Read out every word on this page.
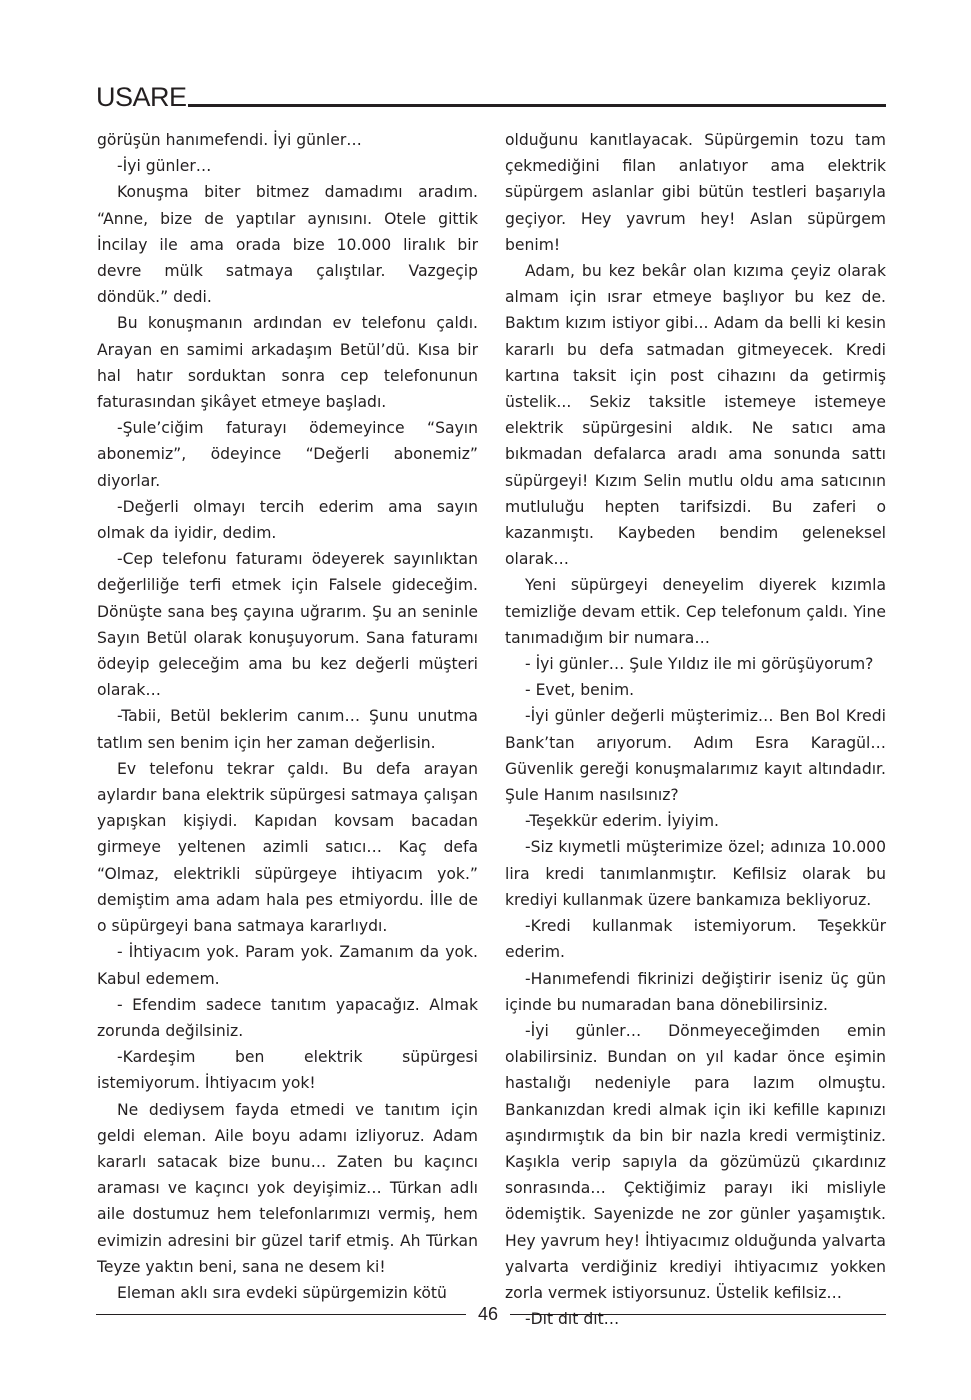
USARE

görüşün hanımefendi. İyi günler…

-İyi günler…

Konuşma biter bitmez damadımı aradım. “Anne, bize de yaptılar aynısını. Otele gittik İncilay ile ama orada bize 10.000 liralık bir devre mülk satmaya çalıştılar. Vazgeçip döndük.” dedi.

Bu konuşmanın ardından ev telefonu çaldı. Arayan en samimi arkadaşım Betül’dü. Kısa bir hal hatır sorduktan sonra cep telefonunun faturasından şikâyet etmeye başladı.

-Şule’ciğim faturayı ödemeyince “Sayın abonemiz”, ödeyince “Değerli abonemiz” diyorlar.

-Değerli olmayı tercih ederim ama sayın olmak da iyidir, dedim.

-Cep telefonu faturamı ödeyerek sayınlıktan değerliliğe terfi etmek için Falsele gideceğim. Dönüşte sana beş çayına uğrarım. Şu an seninle Sayın Betül olarak konuşuyorum. Sana faturamı ödeyip geleceğim ama bu kez değerli müşteri olarak…

-Tabii, Betül beklerim canım… Şunu unutma tatlım sen benim için her zaman değerlisin.

Ev telefonu tekrar çaldı. Bu defa arayan aylardır bana elektrik süpürgesi satmaya çalışan yapışkan kişiydi. Kapıdan kovsam bacadan girmeye yeltenen azimli satıcı… Kaç defa “Olmaz, elektrikli süpürgeye ihtiyacım yok.” demiştim ama adam hala pes etmiyordu. İlle de o süpürgeyi bana satmaya kararlıydı.

- İhtiyacım yok. Param yok. Zamanım da yok. Kabul edemem.

- Efendim sadece tanıtım yapacağız. Almak zorunda değilsiniz.

-Kardeşim ben elektrik süpürgesi istemiyorum. İhtiyacım yok!

Ne dediysem fayda etmedi ve tanıtım için geldi eleman. Aile boyu adamı izliyoruz. Adam kararlı satacak bize bunu… Zaten bu kaçıncı araması ve kaçıncı yok deyişimiz… Türkan adlı aile dostumuz hem telefonlarımızı vermiş, hem evimizin adresini bir güzel tarif etmiş. Ah Türkan Teyze yaktın beni, sana ne desem ki!

Eleman aklı sıra evdeki süpürgemizin kötü

olduğunu kanıtlayacak. Süpürgemin tozu tam çekmediğini filan anlatıyor ama elektrik süpürgem aslanlar gibi bütün testleri başarıyla geçiyor. Hey yavrum hey! Aslan süpürgem benim!

Adam, bu kez bekâr olan kızıma çeyiz olarak almam için ısrar etmeye başlıyor bu kez de. Baktım kızım istiyor gibi... Adam da belli ki kesin kararlı bu defa satmadan gitmeyecek. Kredi kartına taksit için post cihazını da getirmiş üstelik... Sekiz taksitle istemeye istemeye elektrik süpürgesini aldık. Ne satıcı ama bıkmadan defalarca aradı ama sonunda sattı süpürgeyi! Kızım Selin mutlu oldu ama satıcının mutluluğu hepten tarifsizdi. Bu zaferi o kazanmıştı. Kaybeden bendim geleneksel olarak…

Yeni süpürgeyi deneyelim diyerek kızımla temizliğe devam ettik. Cep telefonum çaldı. Yine tanımadığım bir numara…

- İyi günler… Şule Yıldız ile mi görüşüyorum?

- Evet, benim.

-İyi günler değerli müşterimiz… Ben Bol Kredi Bank’tan arıyorum. Adım Esra Karagül… Güvenlik gereği konuşmalarımız kayıt altındadır. Şule Hanım nasılsınız?

-Teşekkür ederim. İyiyim.

-Siz kıymetli müşterimize özel; adınıza 10.000 lira kredi tanımlanmıştır. Kefilsiz olarak bu krediyi kullanmak üzere bankamıza bekliyoruz.

-Kredi kullanmak istemiyorum. Teşekkür ederim.

-Hanımefendi fikrinizi değiştirir iseniz üç gün içinde bu numaradan bana dönebilirsiniz.

-İyi günler… Dönmeyeceğimden emin olabilirsiniz. Bundan on yıl kadar önce eşimin hastalığı nedeniyle para lazım olmuştu. Bankanızdan kredi almak için iki kefille kapınızı aşındırmıştık da bin bir nazla kredi vermiştiniz. Kaşıkla verip sapıyla da gözümüzü çıkardınız sonrasında… Çektiğimiz parayı iki misliyle ödemiştik. Sayenizde ne zor günler yaşamıştık. Hey yavrum hey! İhtiyacımız olduğunda yalvarta yalvarta verdiğiniz krediyi ihtiyacımız yokken zorla vermek istiyorsunuz. Üstelik kefilsiz…

-Dıt dıt dıt…

46
